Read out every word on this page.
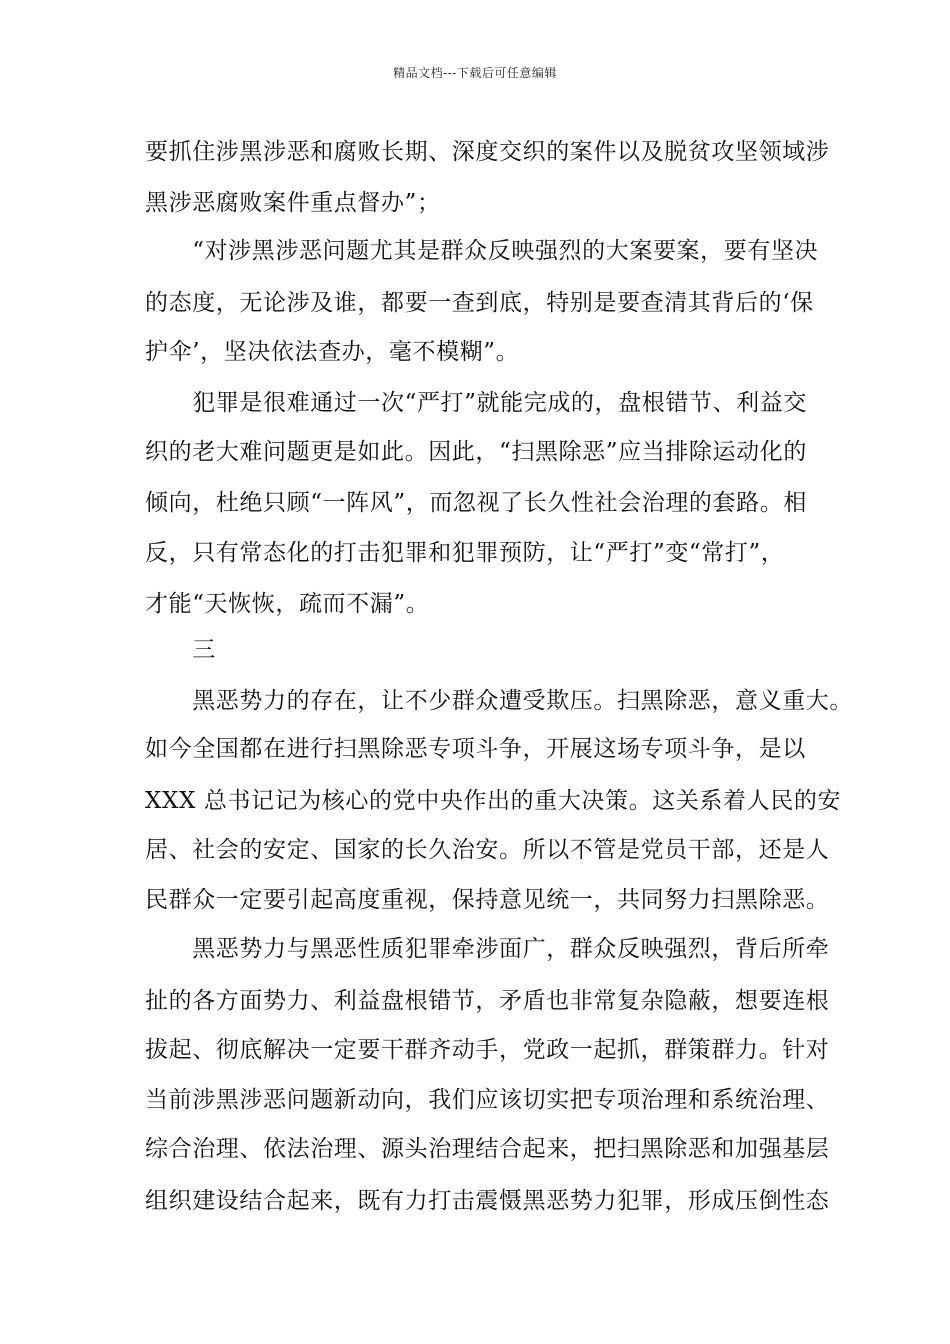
精品文档---下载后可任意编辑
要抓住涉黑涉恶和腐败长期、深度交织的案件以及脱贫攻坚领域涉
黑涉恶腐败案件重点督办”；
　　“对涉黑涉恶问题尤其是群众反映强烈的大案要案，要有坚决
的态度，无论涉及谁，都要一查到底，特别是要查清其背后的‘保
护伞’，坚决依法查办，毫不模糊”。
　　犯罪是很难通过一次“严打”就能完成的，盘根错节、利益交
织的老大难问题更是如此。因此，“扫黑除恶”应当排除运动化的
倾向，杜绝只顾“一阵风”，而忽视了长久性社会治理的套路。相
反，只有常态化的打击犯罪和犯罪预防，让“严打”变“常打”，
才能“天恢恢，疏而不漏”。
　　三
　　黑恶势力的存在，让不少群众遭受欺压。扫黑除恶，意义重大。
如今全国都在进行扫黑除恶专项斗争，开展这场专项斗争，是以
XXX 总书记记为核心的党中央作出的重大决策。这关系着人民的安
居、社会的安定、国家的长久治安。所以不管是党员干部，还是人
民群众一定要引起高度重视，保持意见统一，共同努力扫黑除恶。
　　黑恶势力与黑恶性质犯罪牵涉面广，群众反映强烈，背后所牵
扯的各方面势力、利益盘根错节，矛盾也非常复杂隐蔽，想要连根
拔起、彻底解决一定要干群齐动手，党政一起抓，群策群力。针对
当前涉黑涉恶问题新动向，我们应该切实把专项治理和系统治理、
综合治理、依法治理、源头治理结合起来，把扫黑除恶和加强基层
组织建设结合起来，既有力打击震慑黑恶势力犯罪，形成压倒性态
